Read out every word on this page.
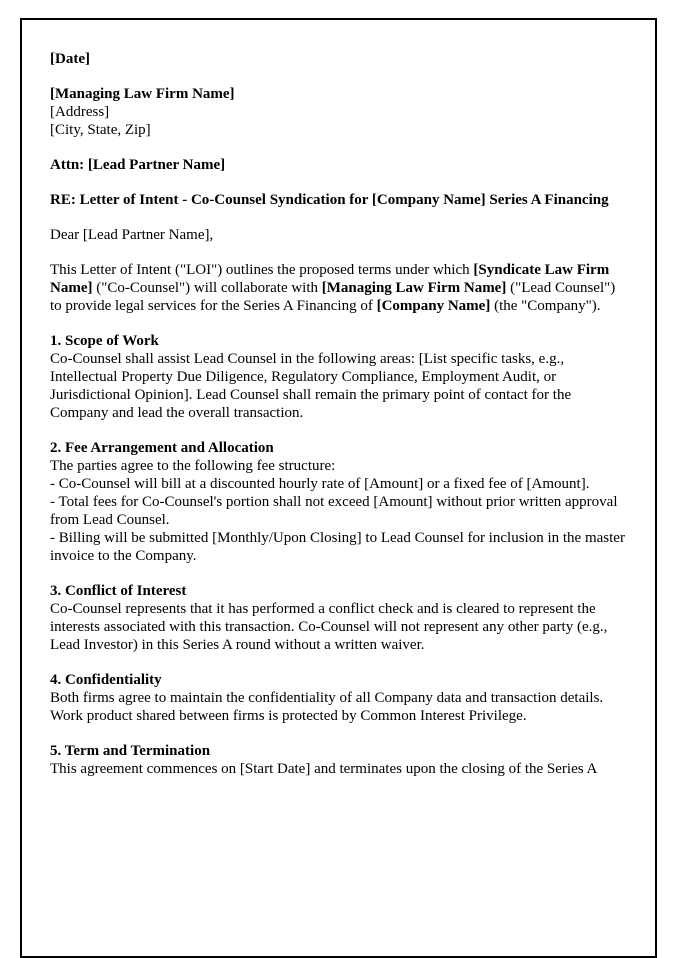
[Date]
[Managing Law Firm Name]
[Address]
[City, State, Zip]
Attn: [Lead Partner Name]
RE: Letter of Intent - Co-Counsel Syndication for [Company Name] Series A Financing
Dear [Lead Partner Name],
This Letter of Intent ("LOI") outlines the proposed terms under which [Syndicate Law Firm Name] ("Co-Counsel") will collaborate with [Managing Law Firm Name] ("Lead Counsel") to provide legal services for the Series A Financing of [Company Name] (the "Company").
1. Scope of Work
Co-Counsel shall assist Lead Counsel in the following areas: [List specific tasks, e.g., Intellectual Property Due Diligence, Regulatory Compliance, Employment Audit, or Jurisdictional Opinion]. Lead Counsel shall remain the primary point of contact for the Company and lead the overall transaction.
2. Fee Arrangement and Allocation
The parties agree to the following fee structure:
- Co-Counsel will bill at a discounted hourly rate of [Amount] or a fixed fee of [Amount].
- Total fees for Co-Counsel's portion shall not exceed [Amount] without prior written approval from Lead Counsel.
- Billing will be submitted [Monthly/Upon Closing] to Lead Counsel for inclusion in the master invoice to the Company.
3. Conflict of Interest
Co-Counsel represents that it has performed a conflict check and is cleared to represent the interests associated with this transaction. Co-Counsel will not represent any other party (e.g., Lead Investor) in this Series A round without a written waiver.
4. Confidentiality
Both firms agree to maintain the confidentiality of all Company data and transaction details. Work product shared between firms is protected by Common Interest Privilege.
5. Term and Termination
This agreement commences on [Start Date] and terminates upon the closing of the Series A
